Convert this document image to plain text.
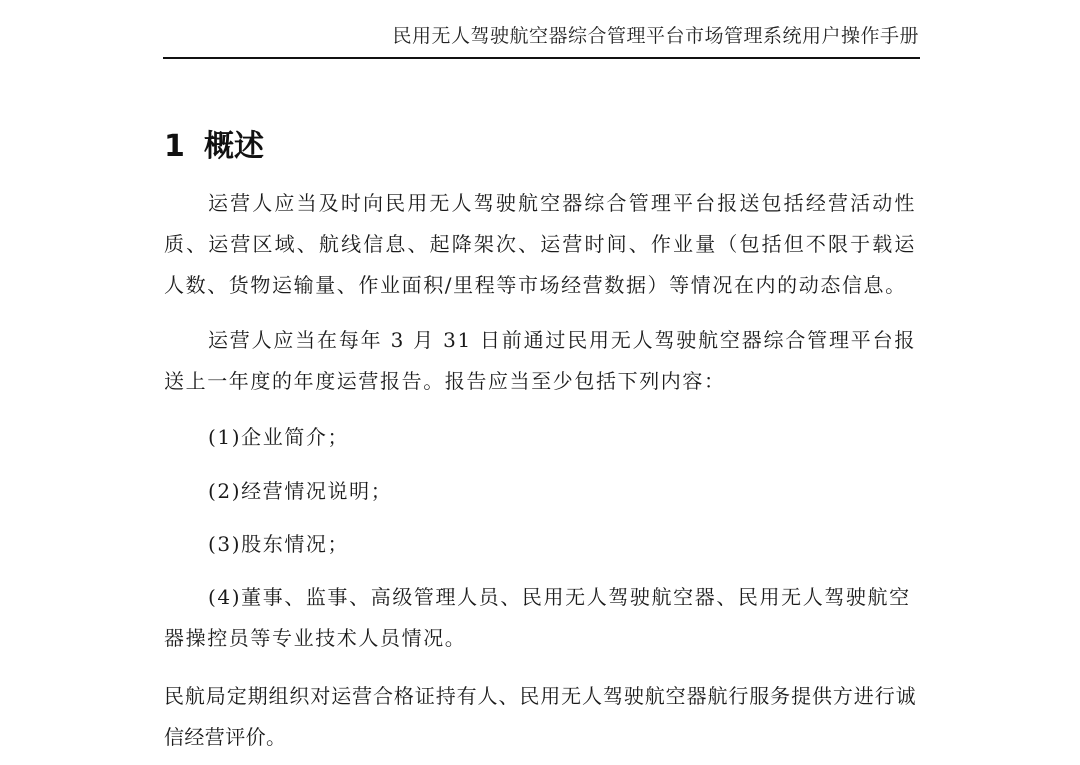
民用无人驾驶航空器综合管理平台市场管理系统用户操作手册
1 概述

运营人应当及时向民用无人驾驶航空器综合管理平台报送包括经营活动性质、运营区域、航线信息、起降架次、运营时间、作业量（包括但不限于载运人数、货物运输量、作业面积/里程等市场经营数据）等情况在内的动态信息。

运营人应当在每年 3 月 31 日前通过民用无人驾驶航空器综合管理平台报送上一年度的年度运营报告。报告应当至少包括下列内容：

(1)企业简介；
(2)经营情况说明；
(3)股东情况；
(4)董事、监事、高级管理人员、民用无人驾驶航空器、民用无人驾驶航空器操控员等专业技术人员情况。

民航局定期组织对运营合格证持有人、民用无人驾驶航空器航行服务提供方进行诚信经营评价。
